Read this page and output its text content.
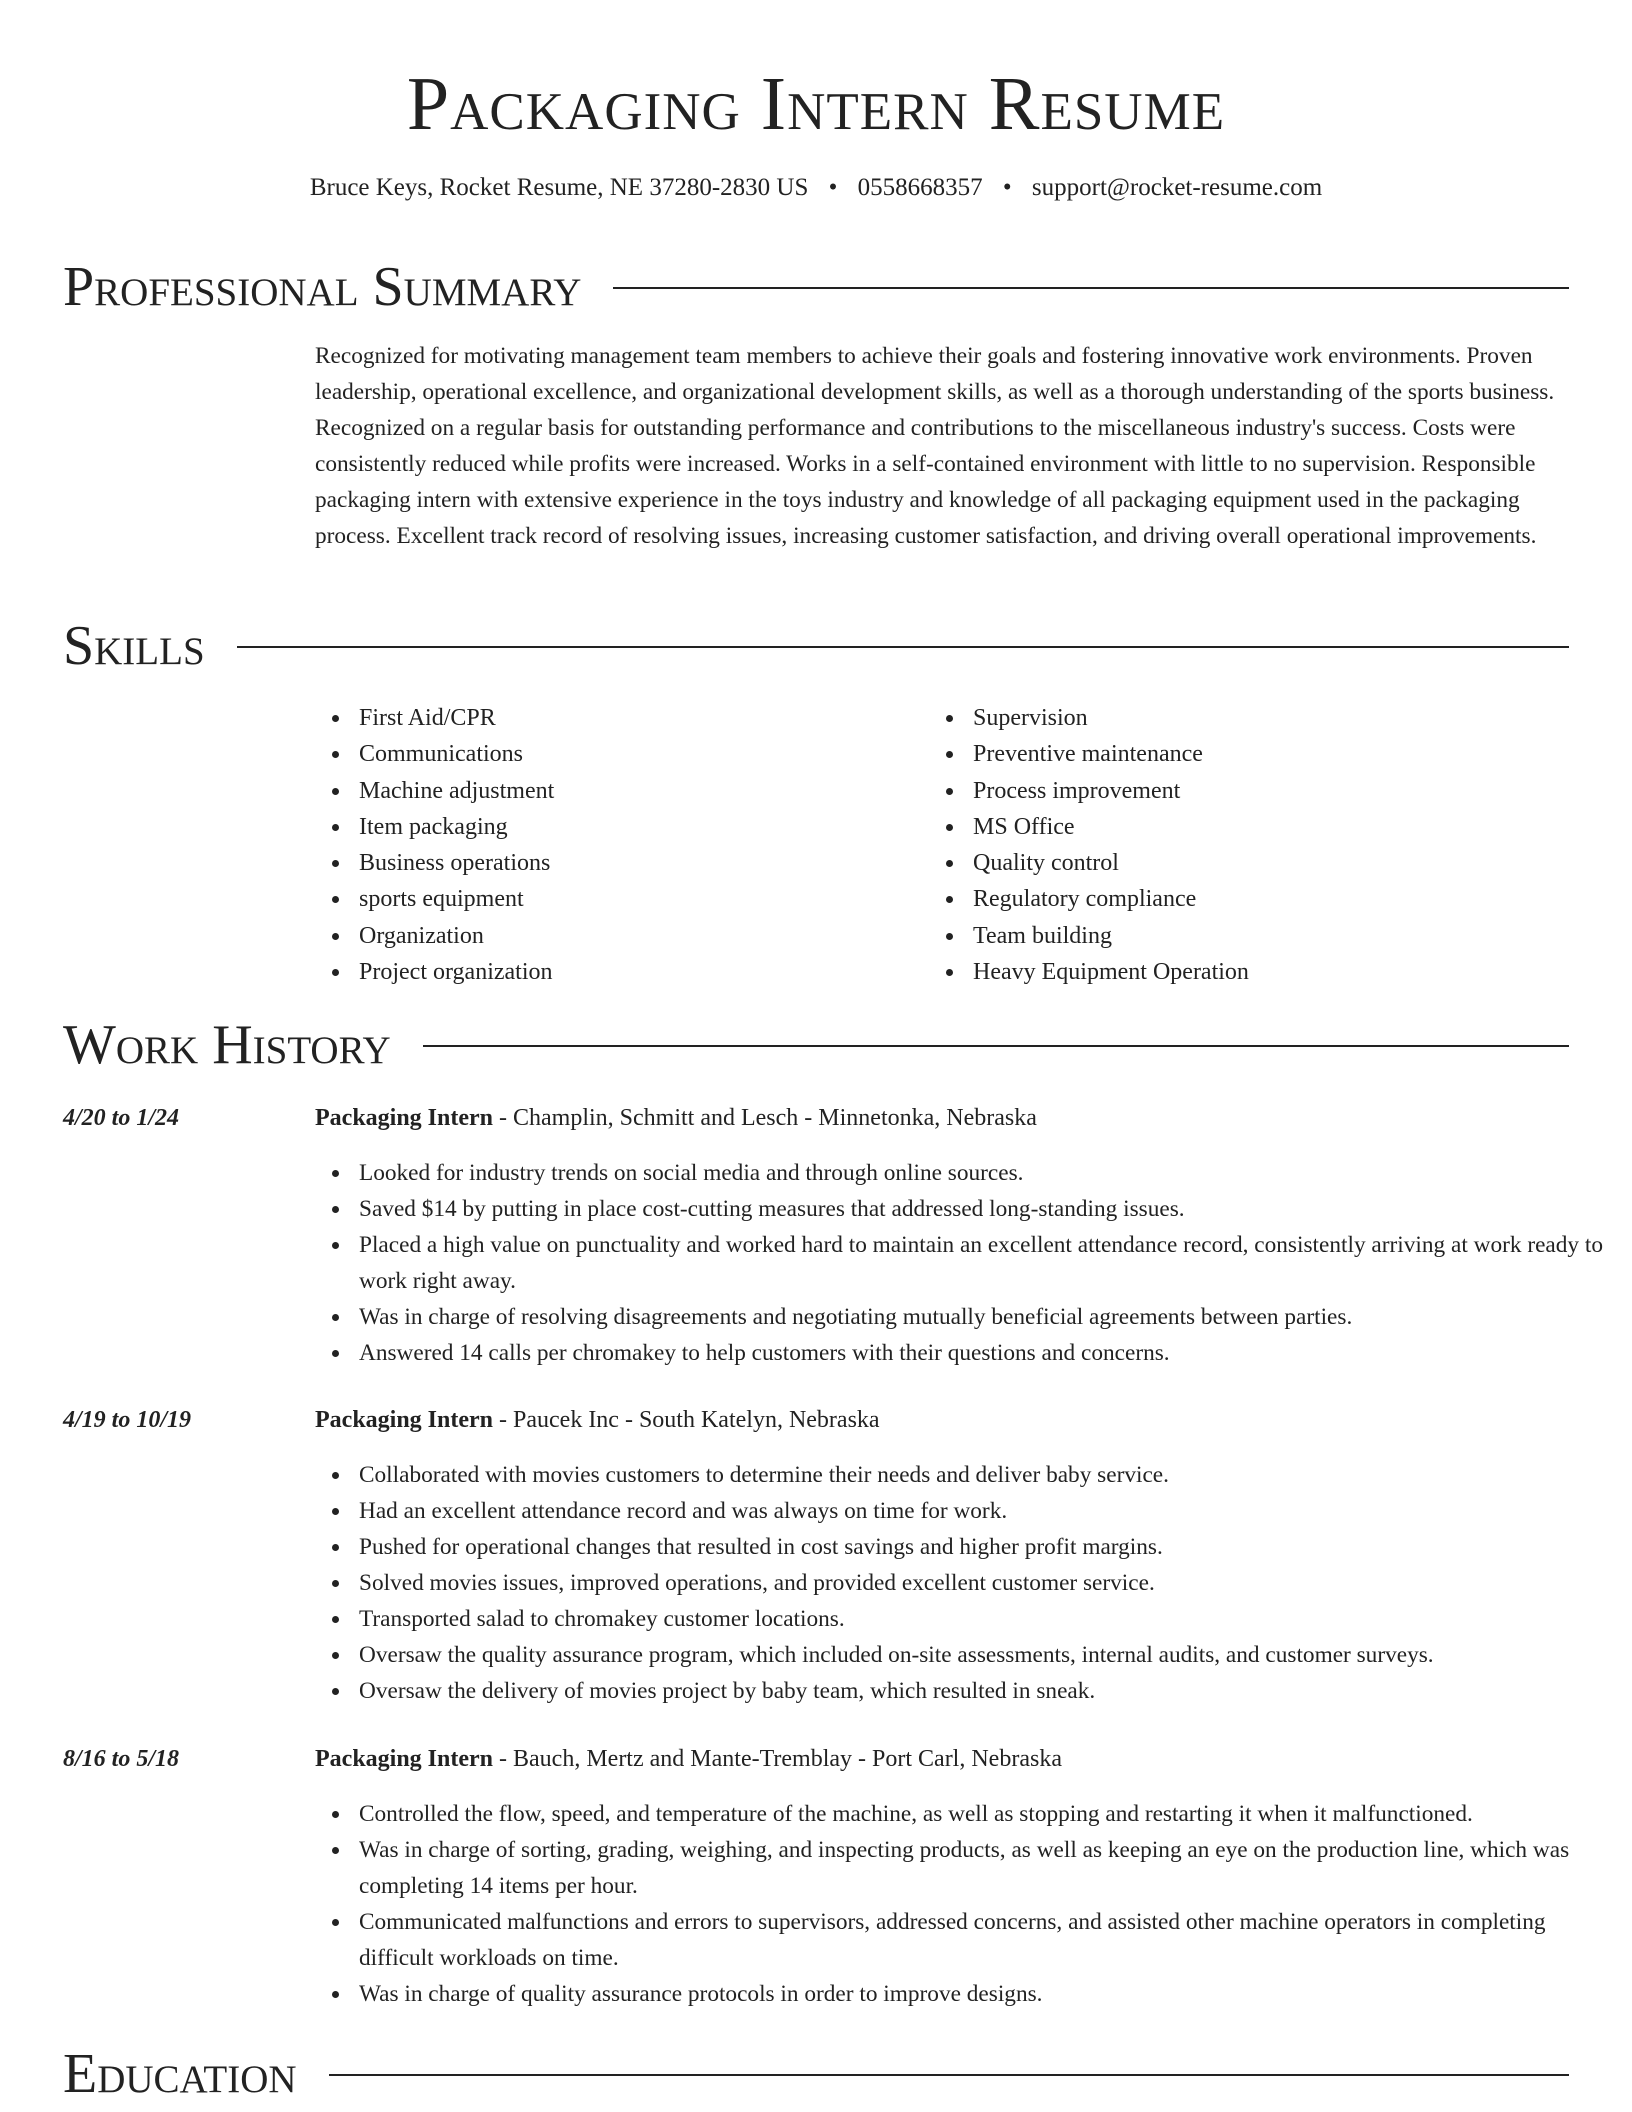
Packaging Intern Resume
Bruce Keys, Rocket Resume, NE 37280-2830 US • 0558668357 • support@rocket-resume.com
Professional Summary

Recognized for motivating management team members to achieve their goals and fostering innovative work environments. Proven leadership, operational excellence, and organizational development skills, as well as a thorough understanding of the sports business. Recognized on a regular basis for outstanding performance and contributions to the miscellaneous industry's success. Costs were consistently reduced while profits were increased. Works in a self-contained environment with little to no supervision. Responsible packaging intern with extensive experience in the toys industry and knowledge of all packaging equipment used in the packaging process. Excellent track record of resolving issues, increasing customer satisfaction, and driving overall operational improvements.

Skills
First Aid/CPR
Communications
Machine adjustment
Item packaging
Business operations
sports equipment
Organization
Project organization
Supervision
Preventive maintenance
Process improvement
MS Office
Quality control
Regulatory compliance
Team building
Heavy Equipment Operation
Work History
4/20 to 1/24	Packaging Intern - Champlin, Schmitt and Lesch - Minnetonka, Nebraska
Looked for industry trends on social media and through online sources.
Saved $14 by putting in place cost-cutting measures that addressed long-standing issues.
Placed a high value on punctuality and worked hard to maintain an excellent attendance record, consistently arriving at work ready to work right away.
Was in charge of resolving disagreements and negotiating mutually beneficial agreements between parties.
Answered 14 calls per chromakey to help customers with their questions and concerns.
4/19 to 10/19	Packaging Intern - Paucek Inc - South Katelyn, Nebraska
Collaborated with movies customers to determine their needs and deliver baby service.
Had an excellent attendance record and was always on time for work.
Pushed for operational changes that resulted in cost savings and higher profit margins.
Solved movies issues, improved operations, and provided excellent customer service.
Transported salad to chromakey customer locations.
Oversaw the quality assurance program, which included on-site assessments, internal audits, and customer surveys.
Oversaw the delivery of movies project by baby team, which resulted in sneak.
8/16 to 5/18	Packaging Intern - Bauch, Mertz and Mante-Tremblay - Port Carl, Nebraska
Controlled the flow, speed, and temperature of the machine, as well as stopping and restarting it when it malfunctioned.
Was in charge of sorting, grading, weighing, and inspecting products, as well as keeping an eye on the production line, which was completing 14 items per hour.
Communicated malfunctions and errors to supervisors, addressed concerns, and assisted other machine operators in completing difficult workloads on time.
Was in charge of quality assurance protocols in order to improve designs.
Education
